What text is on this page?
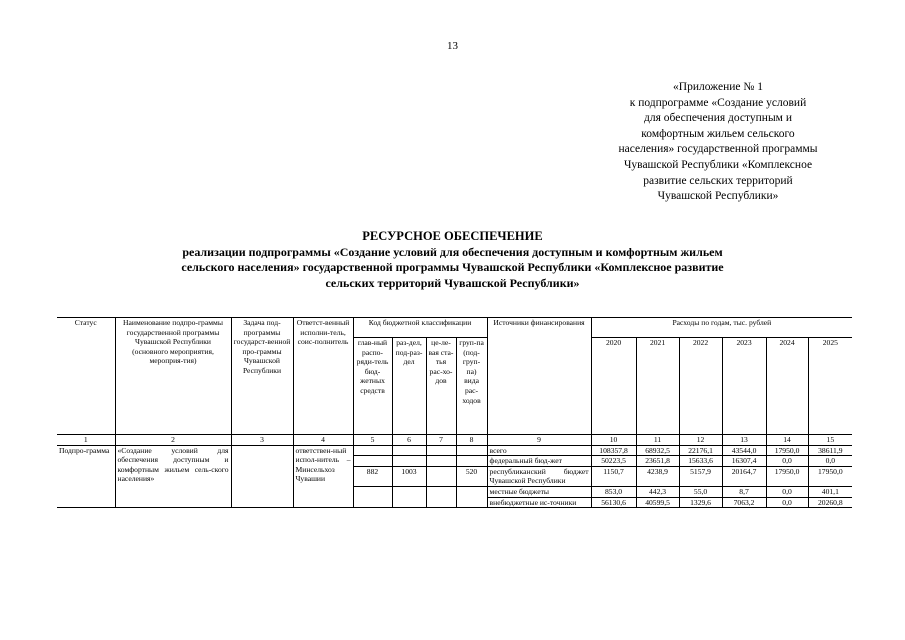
13
«Приложение № 1
к подпрограмме «Создание условий
для обеспечения доступным и
комфортным жильем сельского
населения» государственной программы
Чувашской Республики «Комплексное
развитие сельских территорий
Чувашской Республики»
РЕСУРСНОЕ ОБЕСПЕЧЕНИЕ
реализации подпрограммы «Создание условий для обеспечения доступным и комфортным жильем
сельского населения» государственной программы Чувашской Республики «Комплексное развитие
сельских территорий Чувашской Республики»
Статус	Наименование подпро-граммы государственной программы Чувашской Республики (основного мероприятия, мероприя-тия)	Задача под-программы государст-венной про-граммы Чувашской Республики	Ответст-венный исполни-тель, соис-полнитель	Код бюджетной классификации				Источники финансирования	Расходы по годам, тыс. рублей					
				глав-ный распо-ряди-тель бюд-жетных средств	раз-дел, под-раз-дел	це-ле-вая ста-тья рас-хо-дов	груп-па (под-груп-па) вида рас-ходов		2020	2021	2022	2023	2024	2025
1	2	3	4	5	6	7	8	9	10	11	12	13	14	15
Подпро-грамма	«Создание условий для обеспечения доступным и комфортным жильем сель-ского населения»		ответствен-ный испол-нитель – Минсельхоз Чувашии					всего	108357,8	68932,5	22176,1	43544,0	17950,0	38611,9
								федеральный бюд-жет	50223,5	23651,8	15633,6	16307,4	0,0	0,0
				882	1003		520	республиканский бюджет Чувашской Республики	1150,7	4238,9	5157,9	20164,7	17950,0	17950,0
								местные бюджеты	853,0	442,3	55,0	8,7	0,0	401,1
								внебюджетные ис-точники	56130,6	40599,5	1329,6	7063,2	0,0	20260,8
